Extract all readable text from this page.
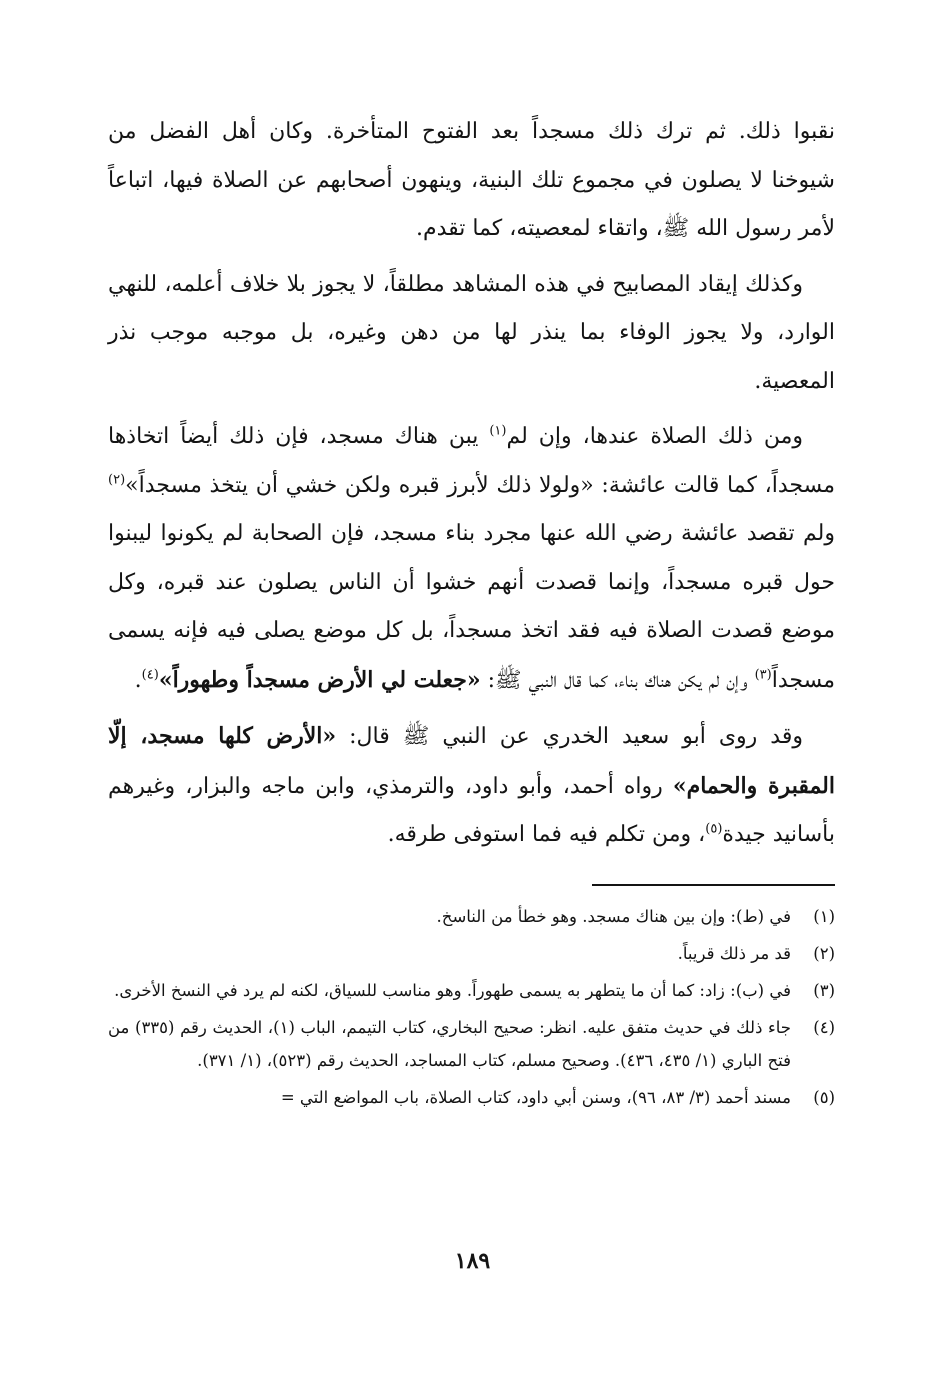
نقبوا ذلك. ثم ترك ذلك مسجداً بعد الفتوح المتأخرة. وكان أهل الفضل من شيوخنا لا يصلون في مجموع تلك البنية، وينهون أصحابهم عن الصلاة فيها، اتباعاً لأمر رسول الله ﷺ، واتقاء لمعصيته، كما تقدم.

وكذلك إيقاد المصابيح في هذه المشاهد مطلقاً، لا يجوز بلا خلاف أعلمه، للنهي الوارد، ولا يجوز الوفاء بما ينذر لها من دهن وغيره، بل موجبه موجب نذر المعصية.

ومن ذلك الصلاة عندها، وإن لم$^{(١)}$ يبن هناك مسجد، فإن ذلك أيضاً اتخاذها مسجداً، كما قالت عائشة: «ولولا ذلك لأبرز قبره ولكن خشي أن يتخذ مسجداً»$^{(٢)}$ ولم تقصد عائشة رضي الله عنها مجرد بناء مسجد، فإن الصحابة لم يكونوا ليبنوا حول قبره مسجداً، وإنما قصدت أنهم خشوا أن الناس يصلون عند قبره، وكل موضع قصدت الصلاة فيه فقد اتخذ مسجداً، بل كل موضع يصلى فيه فإنه يسمى مسجداً$^{(٣)}$ وإن لم يكن هناك بناء، كما قال النبي ﷺ: «جعلت لي الأرض مسجداً وطهوراً»$^{(٤)}$.

وقد روى أبو سعيد الخدري عن النبي ﷺ قال: «الأرض كلها مسجد، إلّا المقبرة والحمام» رواه أحمد، وأبو داود، والترمذي، وابن ماجه والبزار، وغيرهم بأسانيد جيدة$^{(٥)}$، ومن تكلم فيه فما استوفى طرقه.

(١)
في (ط): وإن بين هناك مسجد. وهو خطأ من الناسخ.
(٢)
قد مر ذلك قريباً.
(٣)
في (ب): زاد: كما أن ما يتطهر به يسمى طهوراً. وهو مناسب للسياق، لكنه لم يرد في النسخ الأخرى.
(٤)
جاء ذلك في حديث متفق عليه. انظر: صحيح البخاري، كتاب التيمم، الباب (١)، الحديث رقم (٣٣٥) من فتح الباري (١/ ٤٣٥، ٤٣٦). وصحيح مسلم، كتاب المساجد، الحديث رقم (٥٢٣)، (١/ ٣٧١).
(٥)
مسند أحمد (٣/ ٨٣، ٩٦)، وسنن أبي داود، كتاب الصلاة، باب المواضع التي =
١٨٩
